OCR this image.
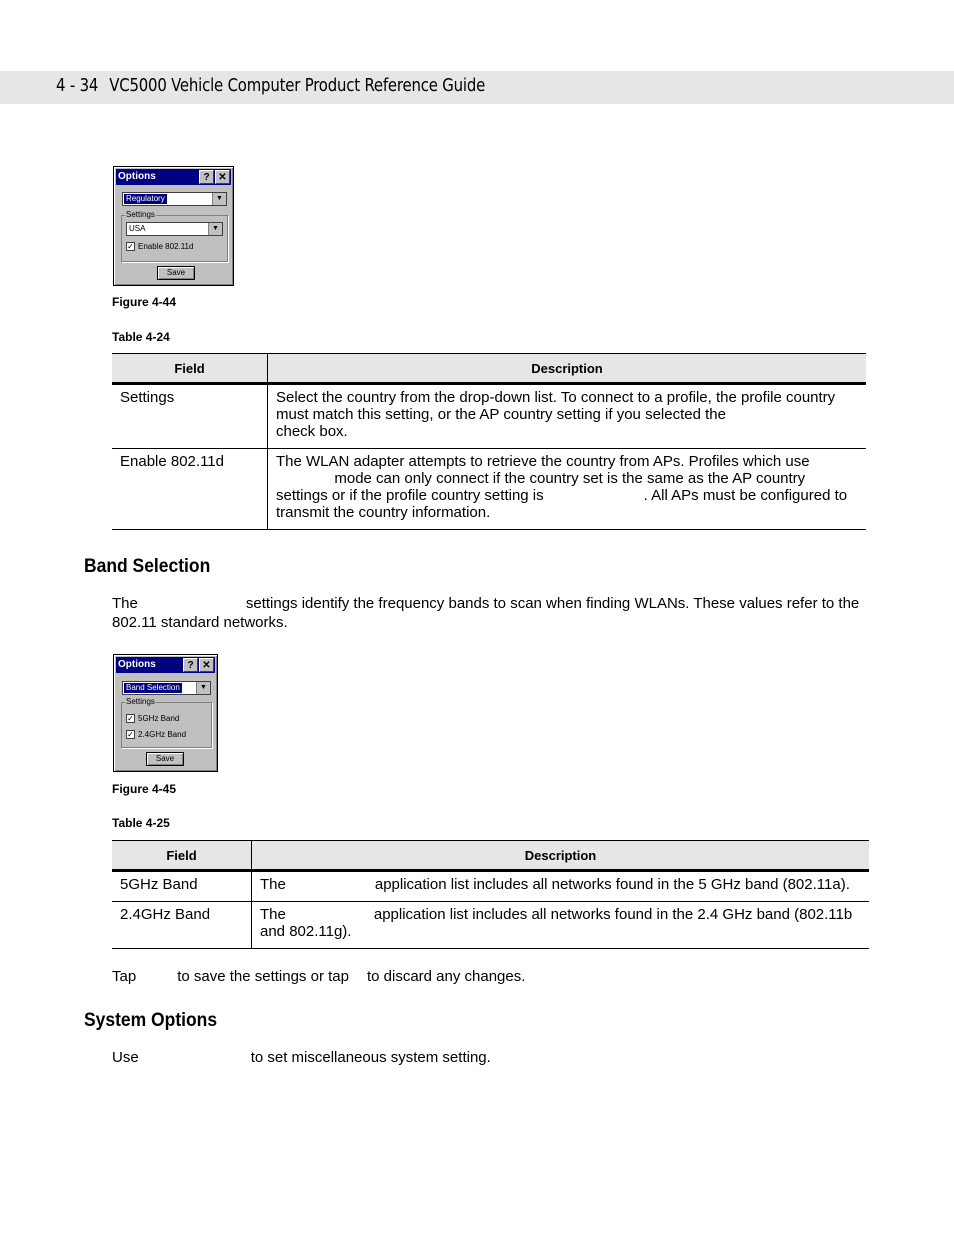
4 - 34 VC5000 Vehicle Computer Product Reference Guide
Options	? ✕
Regulatory	▼
Settings
USA	▼
✓ Enable 802.11d
Save
Figure 4-44
Table 4-24
Field	Description
Settings	Select the country from the drop-down list. To connect to a profile, the profile country must match this setting, or the AP country setting if you selected the
check box.
Enable 802.11d	The WLAN adapter attempts to retrieve the country from APs. Profiles which use
mode can only connect if the country set is the same as the AP country settings or if the profile country setting is                        . All APs must be configured to transmit the country information.
Band Selection
The	settings identify the frequency bands to scan when finding WLANs. These values refer to the 802.11 standard networks.
Options	? ✕
Band Selection	▼
Settings
✓ 5GHz Band
✓ 2.4GHz Band
Save
Figure 4-45
Table 4-25
Field	Description
5GHz Band	The application list includes all networks found in the 5 GHz band (802.11a).
2.4GHz Band	The application list includes all networks found in the 2.4 GHz band (802.11b
and 802.11g).
Tap	to save the settings or tap to discard any changes.
System Options
Use	to set miscellaneous system setting.
